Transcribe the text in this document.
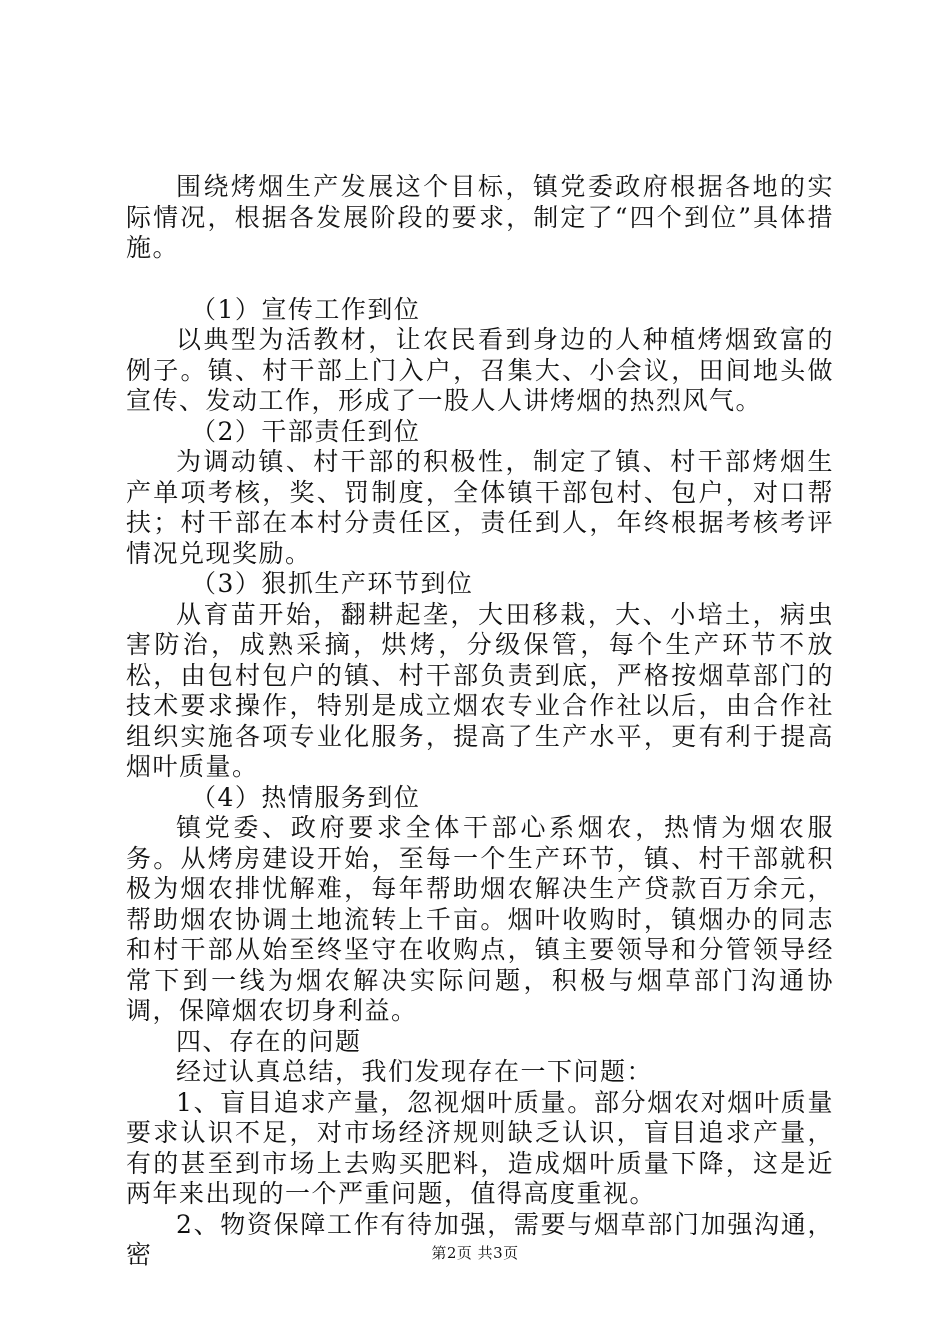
围绕烤烟生产发展这个目标，镇党委政府根据各地的实际情况，根据各发展阶段的要求，制定了“四个到位”具体措施。

（1）宣传工作到位

以典型为活教材，让农民看到身边的人种植烤烟致富的例子。镇、村干部上门入户，召集大、小会议，田间地头做宣传、发动工作，形成了一股人人讲烤烟的热烈风气。

（2）干部责任到位

为调动镇、村干部的积极性，制定了镇、村干部烤烟生产单项考核，奖、罚制度，全体镇干部包村、包户，对口帮扶；村干部在本村分责任区，责任到人，年终根据考核考评情况兑现奖励。

（3）狠抓生产环节到位

从育苗开始，翻耕起垄，大田移栽，大、小培土，病虫害防治，成熟采摘，烘烤，分级保管，每个生产环节不放松，由包村包户的镇、村干部负责到底，严格按烟草部门的技术要求操作，特别是成立烟农专业合作社以后，由合作社组织实施各项专业化服务，提高了生产水平，更有利于提高烟叶质量。

（4）热情服务到位

镇党委、政府要求全体干部心系烟农，热情为烟农服务。从烤房建设开始，至每一个生产环节，镇、村干部就积极为烟农排忧解难，每年帮助烟农解决生产贷款百万余元，帮助烟农协调土地流转上千亩。烟叶收购时，镇烟办的同志和村干部从始至终坚守在收购点，镇主要领导和分管领导经常下到一线为烟农解决实际问题，积极与烟草部门沟通协调，保障烟农切身利益。

四、存在的问题

经过认真总结，我们发现存在一下问题：

1、盲目追求产量，忽视烟叶质量。部分烟农对烟叶质量要求认识不足，对市场经济规则缺乏认识，盲目追求产量，有的甚至到市场上去购买肥料，造成烟叶质量下降，这是近两年来出现的一个严重问题，值得高度重视。

2、物资保障工作有待加强，需要与烟草部门加强沟通，密	第2页 共3页
